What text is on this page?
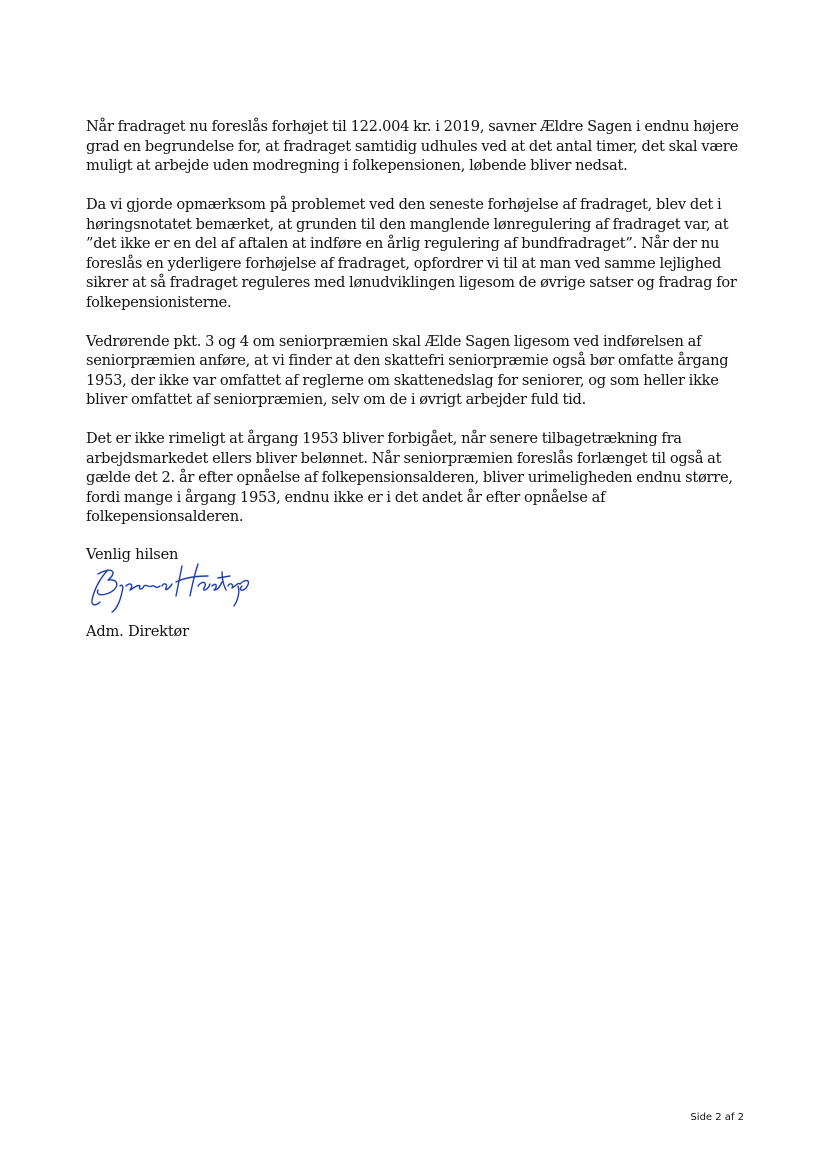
Når fradraget nu foreslås forhøjet til 122.004 kr. i 2019, savner Ældre Sagen i endnu højere grad en begrundelse for, at fradraget samtidig udhules ved at det antal timer, det skal være muligt at arbejde uden modregning i folkepensionen, løbende bliver nedsat.

Da vi gjorde opmærksom på problemet ved den seneste forhøjelse af fradraget, blev det i høringsnotatet bemærket, at grunden til den manglende lønregulering af fradraget var, at ”det ikke er en del af aftalen at indføre en årlig regulering af bundfradraget”. Når der nu foreslås en yderligere forhøjelse af fradraget, opfordrer vi til at man ved samme lejlighed sikrer at så fradraget reguleres med lønudviklingen ligesom de øvrige satser og fradrag for folkepensionisterne.

Vedrørende pkt. 3 og 4 om seniorpræmien skal Ælde Sagen ligesom ved indførelsen af seniorpræmien anføre, at vi finder at den skattefri seniorpræmie også bør omfatte årgang 1953, der ikke var omfattet af reglerne om skattenedslag for seniorer, og som heller ikke bliver omfattet af seniorpræmien, selv om de i øvrigt arbejder fuld tid.

Det er ikke rimeligt at årgang 1953 bliver forbigået, når senere tilbagetrækning fra arbejdsmarkedet ellers bliver belønnet. Når seniorpræmien foreslås forlænget til også at gælde det 2. år efter opnåelse af folkepensionsalderen, bliver urimeligheden endnu større, fordi mange i årgang 1953, endnu ikke er i det andet år efter opnåelse af folkepensionsalderen.

Venlig hilsen
Adm. Direktør
Side 2 af 2
